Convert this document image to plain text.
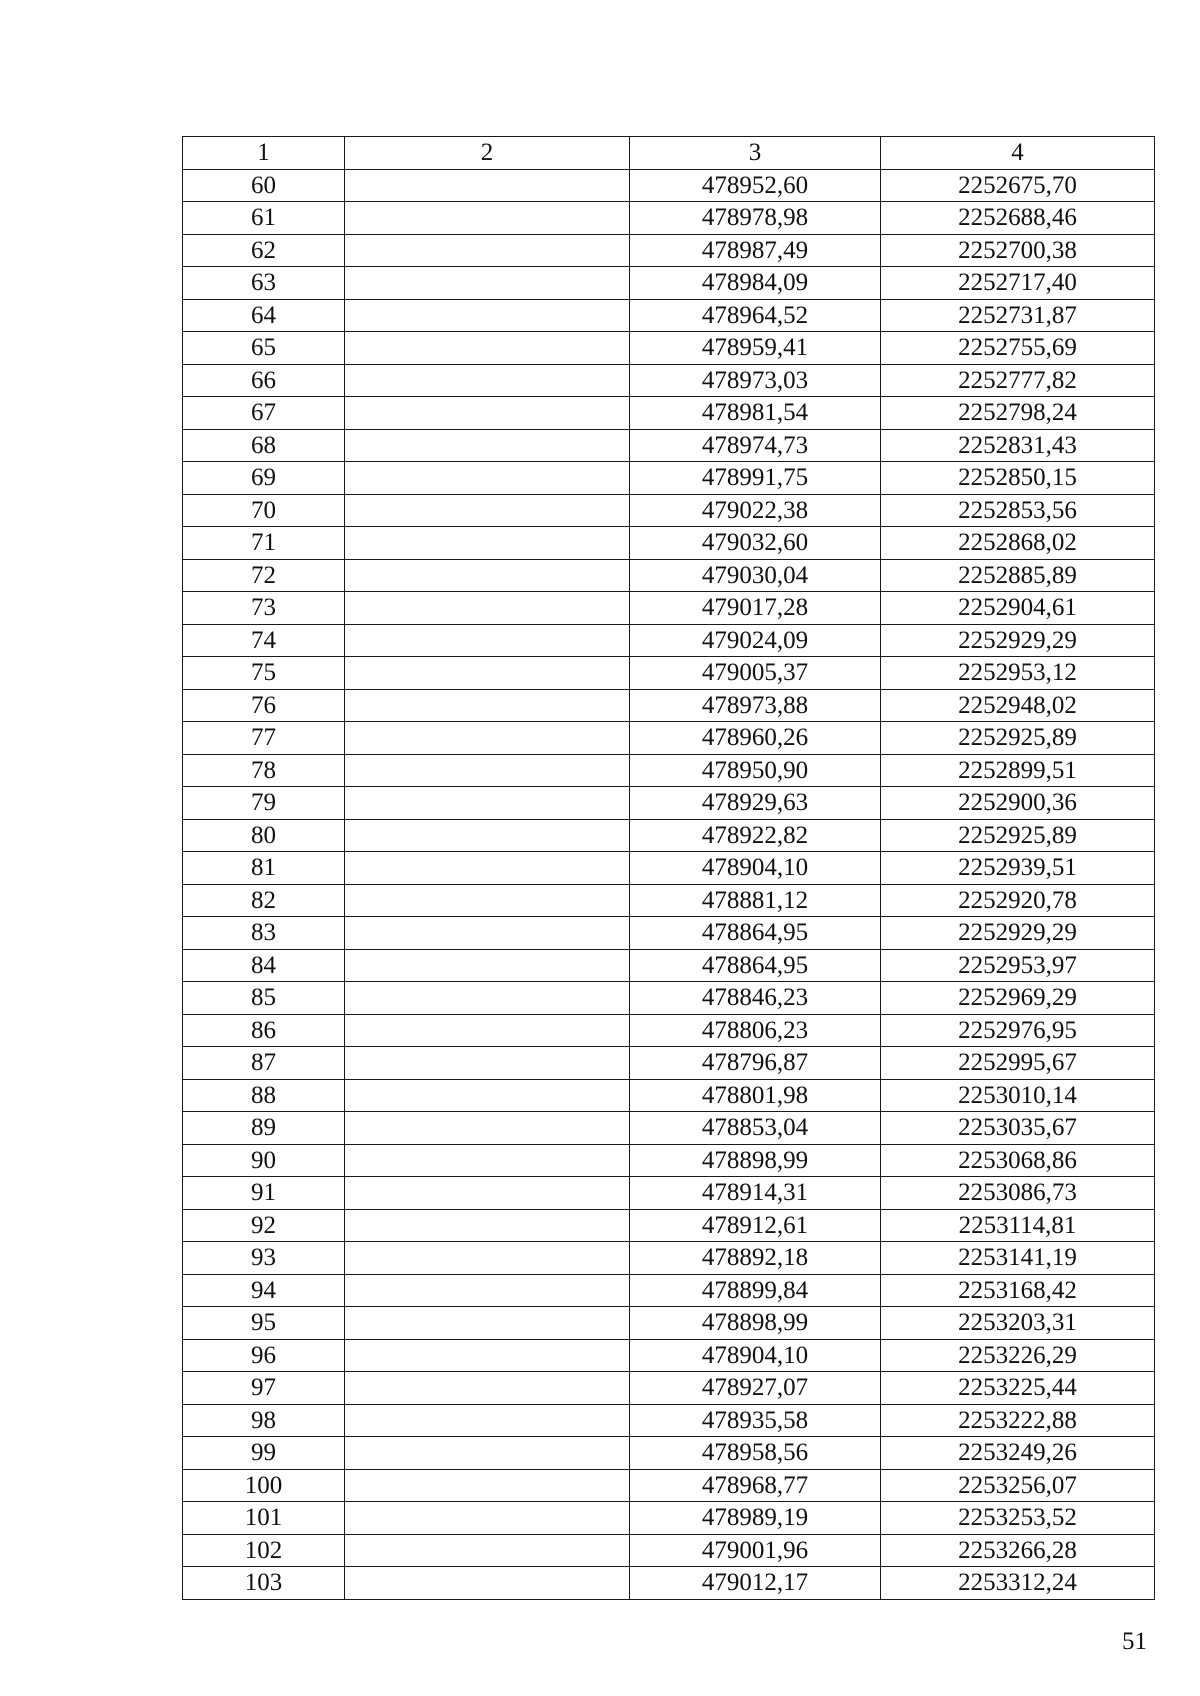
1	2	3	4
60		478952,60	2252675,70
61		478978,98	2252688,46
62		478987,49	2252700,38
63		478984,09	2252717,40
64		478964,52	2252731,87
65		478959,41	2252755,69
66		478973,03	2252777,82
67		478981,54	2252798,24
68		478974,73	2252831,43
69		478991,75	2252850,15
70		479022,38	2252853,56
71		479032,60	2252868,02
72		479030,04	2252885,89
73		479017,28	2252904,61
74		479024,09	2252929,29
75		479005,37	2252953,12
76		478973,88	2252948,02
77		478960,26	2252925,89
78		478950,90	2252899,51
79		478929,63	2252900,36
80		478922,82	2252925,89
81		478904,10	2252939,51
82		478881,12	2252920,78
83		478864,95	2252929,29
84		478864,95	2252953,97
85		478846,23	2252969,29
86		478806,23	2252976,95
87		478796,87	2252995,67
88		478801,98	2253010,14
89		478853,04	2253035,67
90		478898,99	2253068,86
91		478914,31	2253086,73
92		478912,61	2253114,81
93		478892,18	2253141,19
94		478899,84	2253168,42
95		478898,99	2253203,31
96		478904,10	2253226,29
97		478927,07	2253225,44
98		478935,58	2253222,88
99		478958,56	2253249,26
100		478968,77	2253256,07
101		478989,19	2253253,52
102		479001,96	2253266,28
103		479012,17	2253312,24
51
